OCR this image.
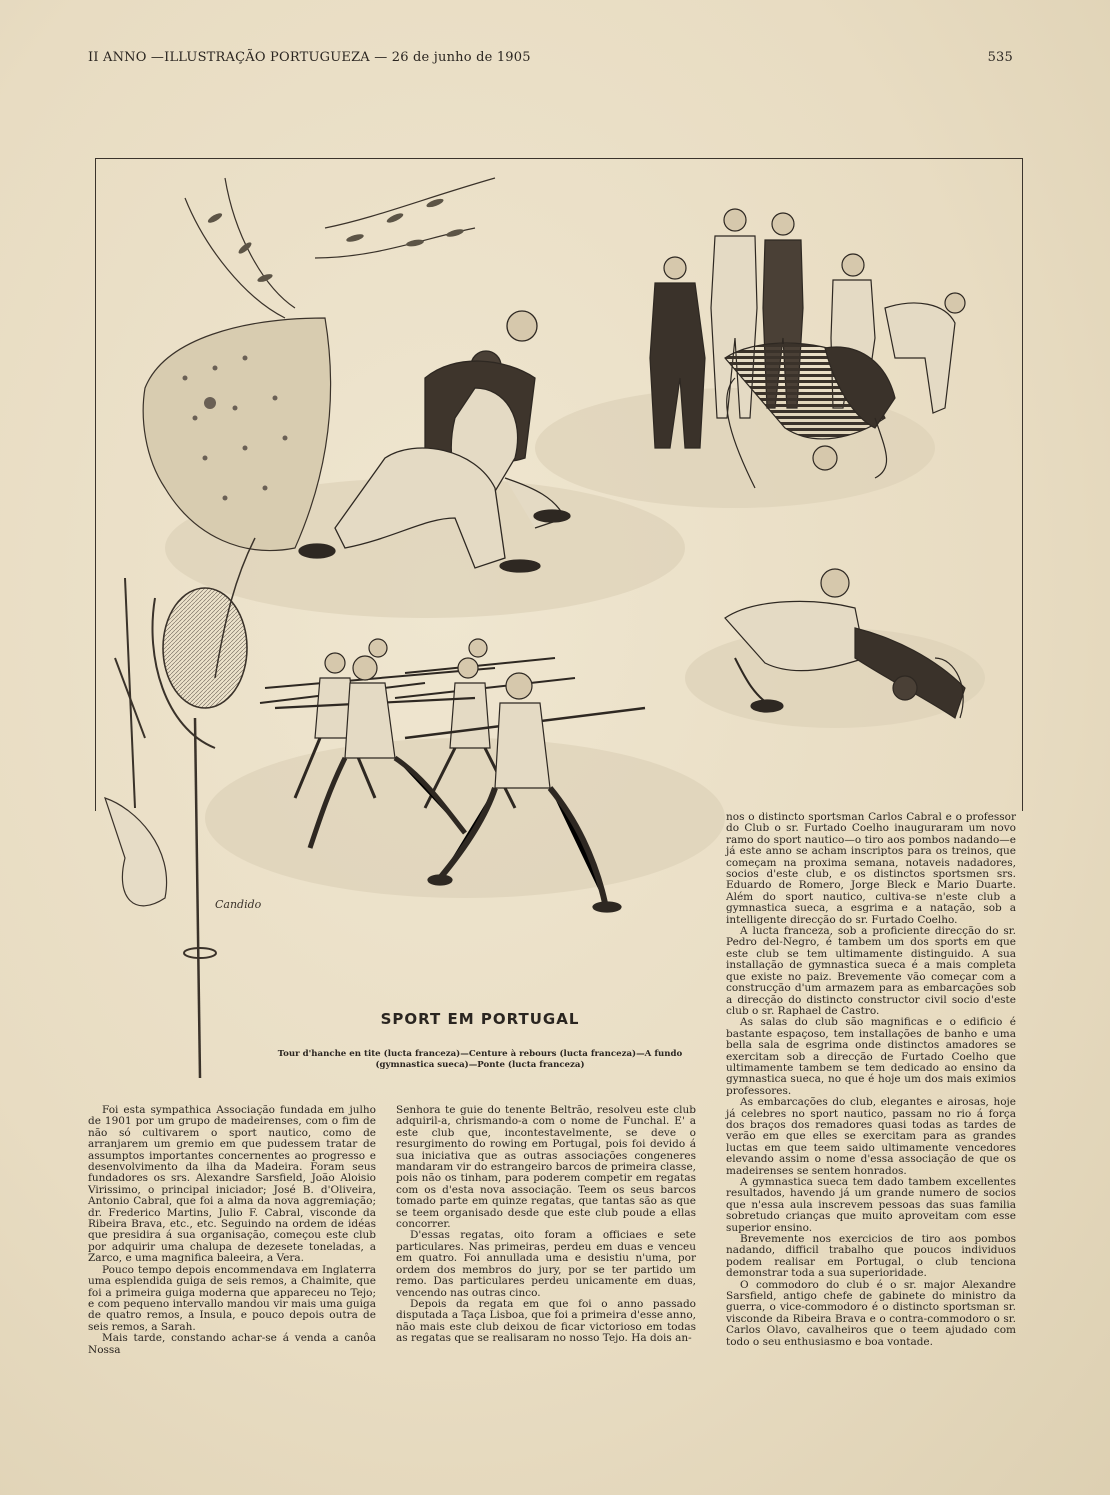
II ANNO —ILLUSTRAÇÃO PORTUGUEZA — 26 de junho de 1905	535
Candido
SPORT EM PORTUGAL
Tour d'hanche en tite (lucta franceza)—Centure à rebours (lucta franceza)—A fundo (gymnastica sueca)—Ponte (lucta franceza)

Foi esta sympathica Associação fundada em julho de 1901 por um grupo de madeirenses, com o fim de não só cultivarem o sport nautico, como de arranjarem um gremio em que pudessem tratar de assumptos importantes concernentes ao progresso e desenvolvimento da ilha da Madeira. Foram seus fundadores os srs. Alexandre Sarsfield, João Aloisio Virissimo, o principal iniciador; José B. d'Oliveira, Antonio Cabral, que foi a alma da nova aggremiação; dr. Frederico Martins, Julio F. Cabral, visconde da Ribeira Brava, etc., etc. Seguindo na ordem de idéas que presidira á sua organisação, começou este club por adquirir uma chalupa de dezesete toneladas, a Zarco, e uma magnifica baleeira, a Vera.

Pouco tempo depois encommendava em Inglaterra uma esplendida guiga de seis remos, a Chaimite, que foi a primeira guiga moderna que appareceu no Tejo; e com pequeno intervallo mandou vir mais uma guiga de quatro remos, a Insula, e pouco depois outra de seis remos, a Sarah.

Mais tarde, constando achar-se á venda a canôa Nossa

Senhora te guie do tenente Beltrão, resolveu este club adquiril-a, chrismando-a com o nome de Funchal. E' a este club que, incontestavelmente, se deve o resurgimento do rowing em Portugal, pois foi devido á sua iniciativa que as outras associações congeneres mandaram vir do estrangeiro barcos de primeira classe, pois não os tinham, para poderem competir em regatas com os d'esta nova associação. Teem os seus barcos tomado parte em quinze regatas, que tantas são as que se teem organisado desde que este club poude a ellas concorrer.

D'essas regatas, oito foram a officiaes e sete particulares. Nas primeiras, perdeu em duas e venceu em quatro. Foi annullada uma e desistiu n'uma, por ordem dos membros do jury, por se ter partido um remo. Das particulares perdeu unicamente em duas, vencendo nas outras cinco.

Depois da regata em que foi o anno passado disputada a Taça Lisboa, que foi a primeira d'esse anno, não mais este club deixou de ficar victorioso em todas as regatas que se realisaram no nosso Tejo. Ha dois an-

nos o distincto sportsman Carlos Cabral e o professor do Club o sr. Furtado Coelho inauguraram um novo ramo do sport nautico—o tiro aos pombos nadando—e já este anno se acham inscriptos para os treinos, que começam na proxima semana, notaveis nadadores, socios d'este club, e os distinctos sportsmen srs. Eduardo de Romero, Jorge Bleck e Mario Duarte. Além do sport nautico, cultiva-se n'este club a gymnastica sueca, a esgrima e a natação, sob a intelligente direcção do sr. Furtado Coelho.

A lucta franceza, sob a proficiente direcção do sr. Pedro del-Negro, é tambem um dos sports em que este club se tem ultimamente distinguido. A sua installação de gymnastica sueca é a mais completa que existe no paiz. Brevemente vão começar com a construcção d'um armazem para as embarcações sob a direcção do distincto constructor civil socio d'este club o sr. Raphael de Castro.

As salas do club são magnificas e o edificio é bastante espaçoso, tem installações de banho e uma bella sala de esgrima onde distinctos amadores se exercitam sob a direcção de Furtado Coelho que ultimamente tambem se tem dedicado ao ensino da gymnastica sueca, no que é hoje um dos mais eximios professores.

As embarcações do club, elegantes e airosas, hoje já celebres no sport nautico, passam no rio á força dos braços dos remadores quasi todas as tardes de verão em que elles se exercitam para as grandes luctas em que teem saido ultimamente vencedores elevando assim o nome d'essa associação de que os madeirenses se sentem honrados.

A gymnastica sueca tem dado tambem excellentes resultados, havendo já um grande numero de socios que n'essa aula inscrevem pessoas das suas familia sobretudo crianças que muito aproveitam com esse superior ensino.

Brevemente nos exercicios de tiro aos pombos nadando, difficil trabalho que poucos individuos podem realisar em Portugal, o club tenciona demonstrar toda a sua superioridade.

O commodoro do club é o sr. major Alexandre Sarsfield, antigo chefe de gabinete do ministro da guerra, o vice-commodoro é o distincto sportsman sr. visconde da Ribeira Brava e o contra-commodoro o sr. Carlos Olavo, cavalheiros que o teem ajudado com todo o seu enthusiasmo e boa vontade.
